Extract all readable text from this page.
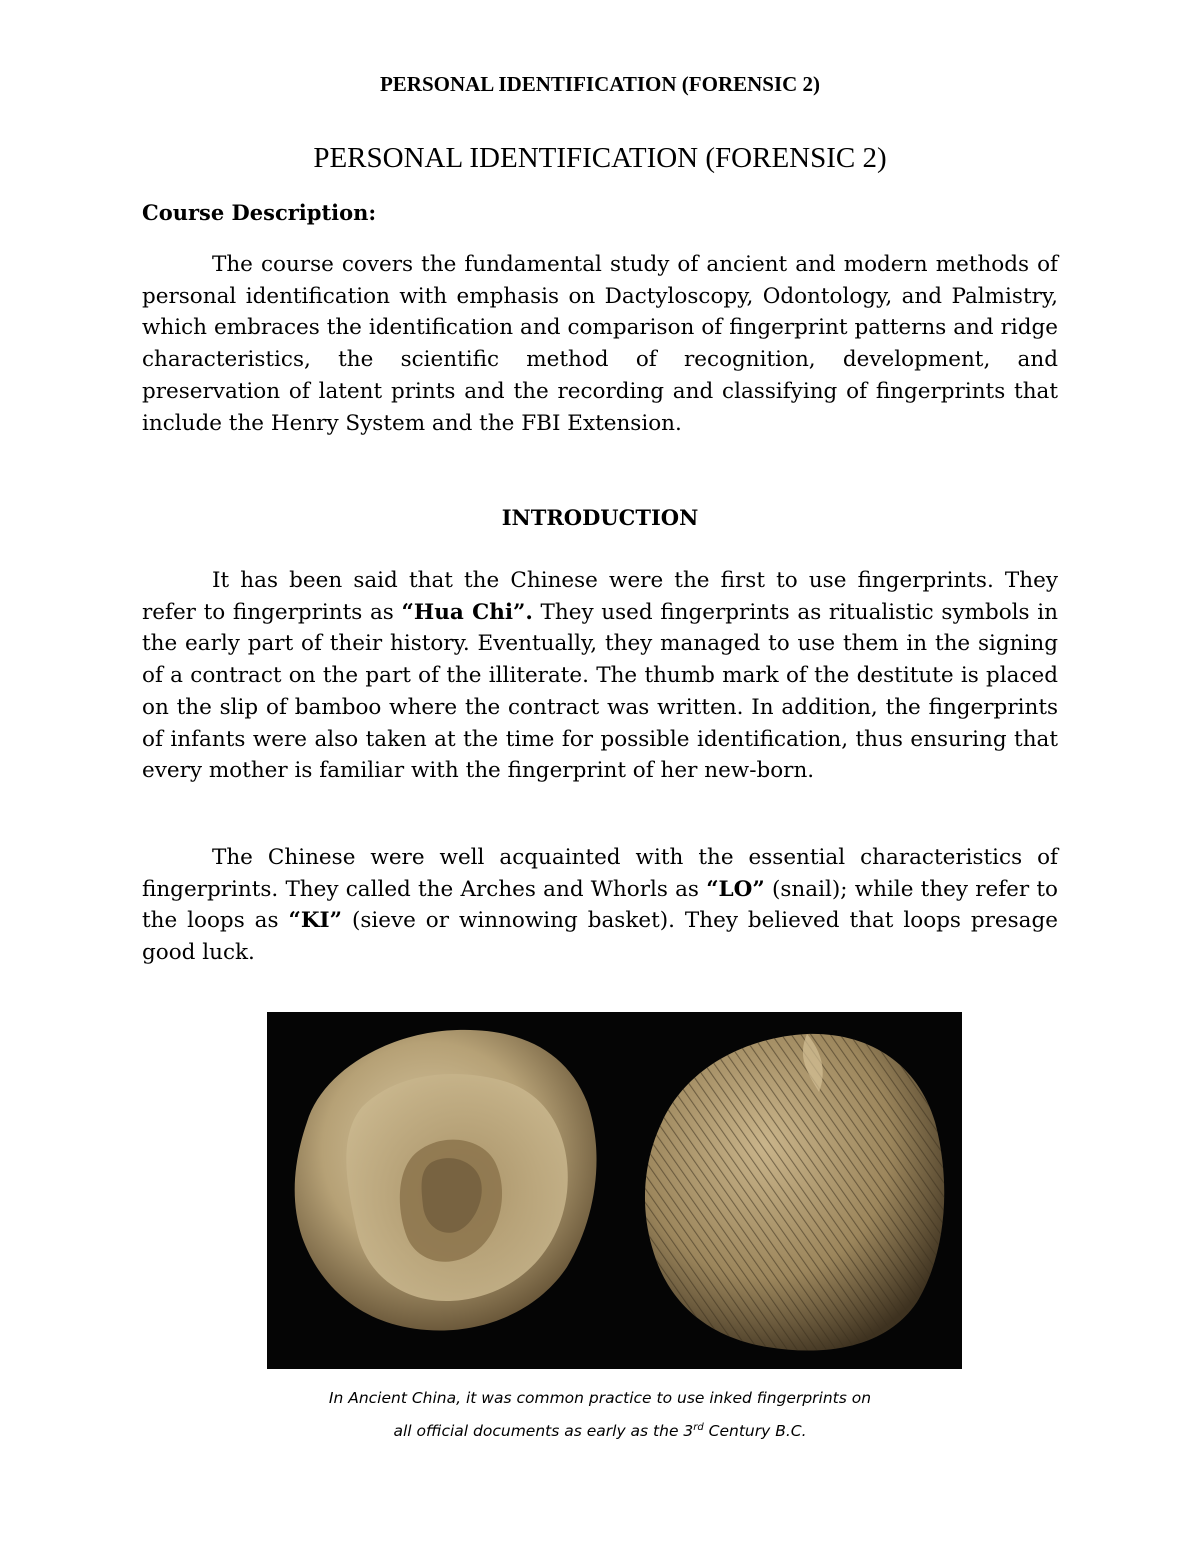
PERSONAL IDENTIFICATION (FORENSIC 2)
PERSONAL IDENTIFICATION (FORENSIC 2)
Course Description:

The course covers the fundamental study of ancient and modern methods of personal identification with emphasis on Dactyloscopy, Odontology, and Palmistry, which embraces the identification and comparison of fingerprint patterns and ridge characteristics, the scientific method of recognition, development, and preservation of latent prints and the recording and classifying of fingerprints that include the Henry System and the FBI Extension.

INTRODUCTION

It has been said that the Chinese were the first to use fingerprints. They refer to fingerprints as “Hua Chi”. They used fingerprints as ritualistic symbols in the early part of their history. Eventually, they managed to use them in the signing of a contract on the part of the illiterate. The thumb mark of the destitute is placed on the slip of bamboo where the contract was written. In addition, the fingerprints of infants were also taken at the time for possible identification, thus ensuring that every mother is familiar with the fingerprint of her new-born.

The Chinese were well acquainted with the essential characteristics of fingerprints. They called the Arches and Whorls as “LO” (snail); while they refer to the loops as “KI” (sieve or winnowing basket). They believed that loops presage good luck.

In Ancient China, it was common practice to use inked fingerprints on
all official documents as early as the 3rd Century B.C.
